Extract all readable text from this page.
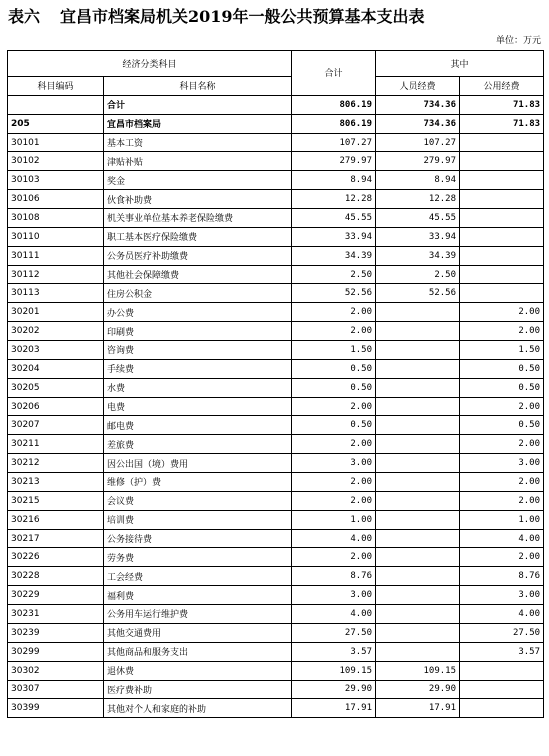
表六 宜昌市档案局机关2019年一般公共预算基本支出表
单位：万元
经济分类科目		合计	其中	
科目编码	科目名称		人员经费	公用经费
	合计	806.19	734.36	71.83
205	宜昌市档案局	806.19	734.36	71.83
30101	基本工资	107.27	107.27	
30102	津贴补贴	279.97	279.97	
30103	奖金	8.94	8.94	
30106	伙食补助费	12.28	12.28	
30108	机关事业单位基本养老保险缴费	45.55	45.55	
30110	职工基本医疗保险缴费	33.94	33.94	
30111	公务员医疗补助缴费	34.39	34.39	
30112	其他社会保障缴费	2.50	2.50	
30113	住房公积金	52.56	52.56	
30201	办公费	2.00		2.00
30202	印刷费	2.00		2.00
30203	咨询费	1.50		1.50
30204	手续费	0.50		0.50
30205	水费	0.50		0.50
30206	电费	2.00		2.00
30207	邮电费	0.50		0.50
30211	差旅费	2.00		2.00
30212	因公出国（境）费用	3.00		3.00
30213	维修（护）费	2.00		2.00
30215	会议费	2.00		2.00
30216	培训费	1.00		1.00
30217	公务接待费	4.00		4.00
30226	劳务费	2.00		2.00
30228	工会经费	8.76		8.76
30229	福利费	3.00		3.00
30231	公务用车运行维护费	4.00		4.00
30239	其他交通费用	27.50		27.50
30299	其他商品和服务支出	3.57		3.57
30302	退休费	109.15	109.15	
30307	医疗费补助	29.90	29.90	
30399	其他对个人和家庭的补助	17.91	17.91	
